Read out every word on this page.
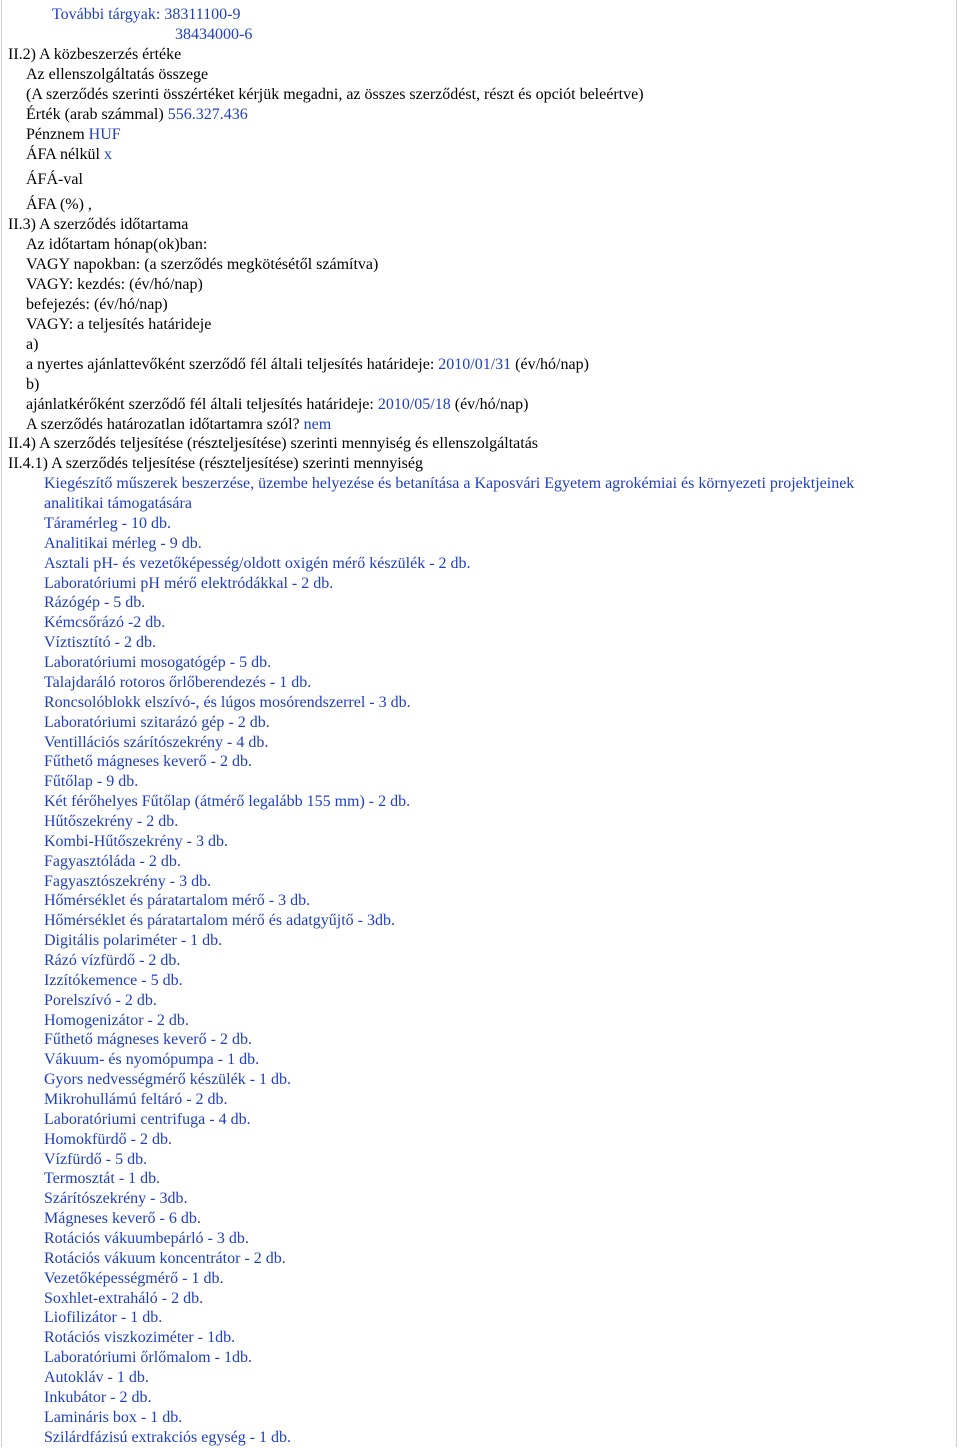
További tárgyak: 38311100-9
38434000-6
II.2) A közbeszerzés értéke
Az ellenszolgáltatás összege
(A szerződés szerinti összértéket kérjük megadni, az összes szerződést, részt és opciót beleértve)
Érték (arab számmal) 556.327.436
Pénznem HUF
ÁFA nélkül x
ÁFÁ-val
ÁFA (%) ,
II.3) A szerződés időtartama
Az időtartam hónap(ok)ban:
VAGY napokban: (a szerződés megkötésétől számítva)
VAGY: kezdés: (év/hó/nap)
befejezés: (év/hó/nap)
VAGY: a teljesítés határideje
a)
a nyertes ajánlattevőként szerződő fél általi teljesítés határideje: 2010/01/31 (év/hó/nap)
b)
ajánlatkérőként szerződő fél általi teljesítés határideje: 2010/05/18 (év/hó/nap)
A szerződés határozatlan időtartamra szól? nem
II.4) A szerződés teljesítése (részteljesítése) szerinti mennyiség és ellenszolgáltatás
II.4.1) A szerződés teljesítése (részteljesítése) szerinti mennyiség
Kiegészítő műszerek beszerzése, üzembe helyezése és betanítása a Kaposvári Egyetem agrokémiai és környezeti projektjeinek
analitikai támogatására
Táramérleg - 10 db.
Analitikai mérleg - 9 db.
Asztali pH- és vezetőképesség/oldott oxigén mérő készülék - 2 db.
Laboratóriumi pH mérő elektródákkal - 2 db.
Rázógép - 5 db.
Kémcsőrázó -2 db.
Víztisztító - 2 db.
Laboratóriumi mosogatógép - 5 db.
Talajdaráló rotoros őrlőberendezés - 1 db.
Roncsolóblokk elszívó-, és lúgos mosórendszerrel - 3 db.
Laboratóriumi szitarázó gép - 2 db.
Ventillációs szárítószekrény - 4 db.
Fűthető mágneses keverő - 2 db.
Fűtőlap - 9 db.
Két férőhelyes Fűtőlap (átmérő legalább 155 mm) - 2 db.
Hűtőszekrény - 2 db.
Kombi-Hűtőszekrény - 3 db.
Fagyasztóláda - 2 db.
Fagyasztószekrény - 3 db.
Hőmérséklet és páratartalom mérő - 3 db.
Hőmérséklet és páratartalom mérő és adatgyűjtő - 3db.
Digitális polariméter - 1 db.
Rázó vízfürdő - 2 db.
Izzítókemence - 5 db.
Porelszívó - 2 db.
Homogenizátor - 2 db.
Fűthető mágneses keverő - 2 db.
Vákuum- és nyomópumpa - 1 db.
Gyors nedvességmérő készülék - 1 db.
Mikrohullámú feltáró - 2 db.
Laboratóriumi centrifuga - 4 db.
Homokfürdő - 2 db.
Vízfürdő - 5 db.
Termosztát - 1 db.
Szárítószekrény - 3db.
Mágneses keverő - 6 db.
Rotációs vákuumbepárló - 3 db.
Rotációs vákuum koncentrátor - 2 db.
Vezetőképességmérő - 1 db.
Soxhlet-extraháló - 2 db.
Liofilizátor - 1 db.
Rotációs viszkoziméter - 1db.
Laboratóriumi őrlőmalom - 1db.
Autokláv - 1 db.
Inkubátor - 2 db.
Lamináris box - 1 db.
Szilárdfázisú extrakciós egység - 1 db.
